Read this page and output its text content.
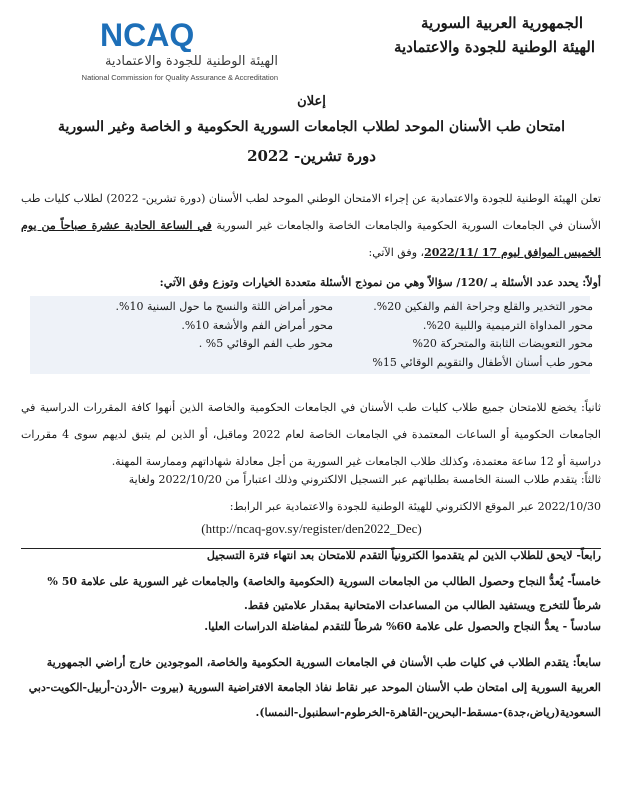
NCAQ
الهيئة الوطنية للجودة والاعتمادية
National Commission for Quality Assurance & Accreditation
الجمهورية العربية السورية
الهيئة الوطنية للجودة والاعتمادية
إعلان
امتحان طب الأسنان الموحد لطلاب الجامعات السورية الحكومية و الخاصة وغير السورية
دورة تشرين- 2022
تعلن الهيئة الوطنية للجودة والاعتمادية عن إجراء الامتحان الوطني الموحد لطب الأسنان (دورة تشرين- 2022) لطلاب كليات طب الأسنان في الجامعات السورية الحكومية والجامعات الخاصة والجامعات غير السورية في الساعة الحادية عشرة صباحاً من يوم الخميس الموافق ليوم 17 /2022/11، وفق الآتي:
أولاً: يحدد عدد الأسئلة بـ /120/ سؤالاً وهي من نموذج الأسئلة متعددة الخيارات وتوزع وفق الآتي:
محور التخدير والقلع وجراحة الفم والفكين 20%.
محور المداواة الترميمية واللبية 20%.
محور التعويضات الثابتة والمتحركة 20%
محور طب أسنان الأطفال والتقويم الوقائي 15%
محور أمراض اللثة والنسج ما حول السنية 10%.
محور أمراض الفم والأشعة 10%.
محور طب الفم الوقائي 5% .
ثانياً: يخضع للامتحان جميع طلاب كليات طب الأسنان في الجامعات الحكومية والخاصة الذين أنهوا كافة المقررات الدراسية في الجامعات الحكومية أو الساعات المعتمدة في الجامعات الخاصة لعام 2022 وماقبل، أو الذين لم يتبق لديهم سوى 4 مقررات دراسية أو 12 ساعة معتمدة، وكذلك طلاب الجامعات غير السورية من أجل معادلة شهاداتهم وممارسة المهنة.
ثالثاً: يتقدم طلاب السنة الخامسة بطلباتهم عبر التسجيل الالكتروني وذلك اعتباراً من 2022/10/20 ولغاية
2022/10/30 عبر الموقع الالكتروني للهيئة الوطنية للجودة والاعتمادية عبر الرابط:
(http://ncaq-gov.sy/register/den2022_Dec)
رابعاً- لايحق للطلاب الذين لم يتقدموا الكترونياً التقدم للامتحان بعد انتهاء فترة التسجيل
خامساً- يُعدُّ النجاح وحصول الطالب من الجامعات السورية (الحكومية والخاصة) والجامعات غير السورية على علامة 50 % شرطاً للتخرج ويستفيد الطالب من المساعدات الامتحانية بمقدار علامتين فقط.
سادساً - يعدُّ النجاح والحصول على علامة 60% شرطاً للتقدم لمفاضلة الدراسات العليا.
سابعاً: يتقدم الطلاب في كليات طب الأسنان في الجامعات السورية الحكومية والخاصة، الموجودين خارج أراضي الجمهورية العربية السورية إلى امتحان طب الأسنان الموحد عبر نقاط نفاذ الجامعة الافتراضية السورية (بيروت -الأردن-أربيل-الكويت-دبي السعودية(رياض،جدة)-مسقط-البحرين-القاهرة-الخرطوم-اسطنبول-النمسا).
